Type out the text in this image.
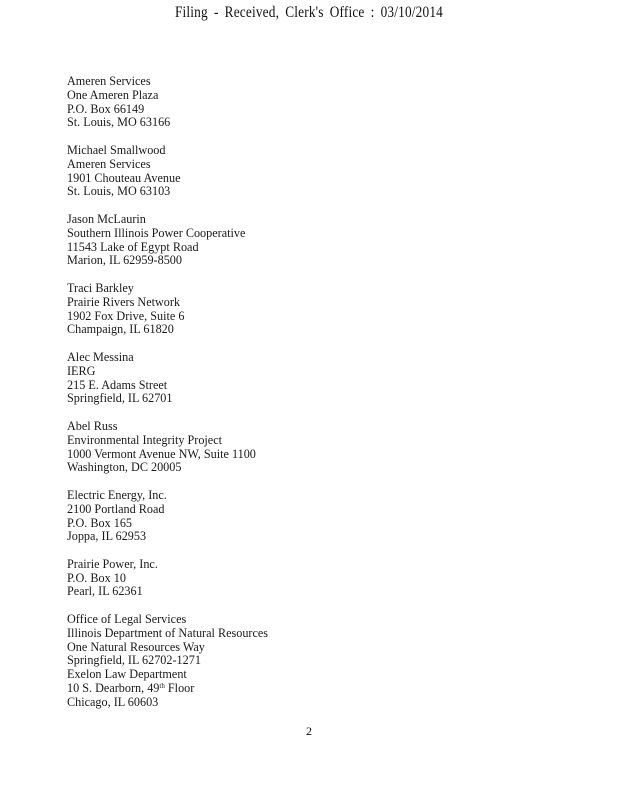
Filing - Received, Clerk's Office : 03/10/2014
Ameren Services
One Ameren Plaza
P.O. Box 66149
St. Louis, MO 63166
Michael Smallwood
Ameren Services
1901 Chouteau Avenue
St. Louis, MO 63103
Jason McLaurin
Southern Illinois Power Cooperative
11543 Lake of Egypt Road
Marion, IL 62959-8500
Traci Barkley
Prairie Rivers Network
1902 Fox Drive, Suite 6
Champaign, IL 61820
Alec Messina
IERG
215 E. Adams Street
Springfield, IL 62701
Abel Russ
Environmental Integrity Project
1000 Vermont Avenue NW, Suite 1100
Washington, DC 20005
Electric Energy, Inc.
2100 Portland Road
P.O. Box 165
Joppa, IL 62953
Prairie Power, Inc.
P.O. Box 10
Pearl, IL 62361
Office of Legal Services
Illinois Department of Natural Resources
One Natural Resources Way
Springfield, IL 62702-1271
Exelon Law Department
10 S. Dearborn, 49th Floor
Chicago, IL 60603
2
